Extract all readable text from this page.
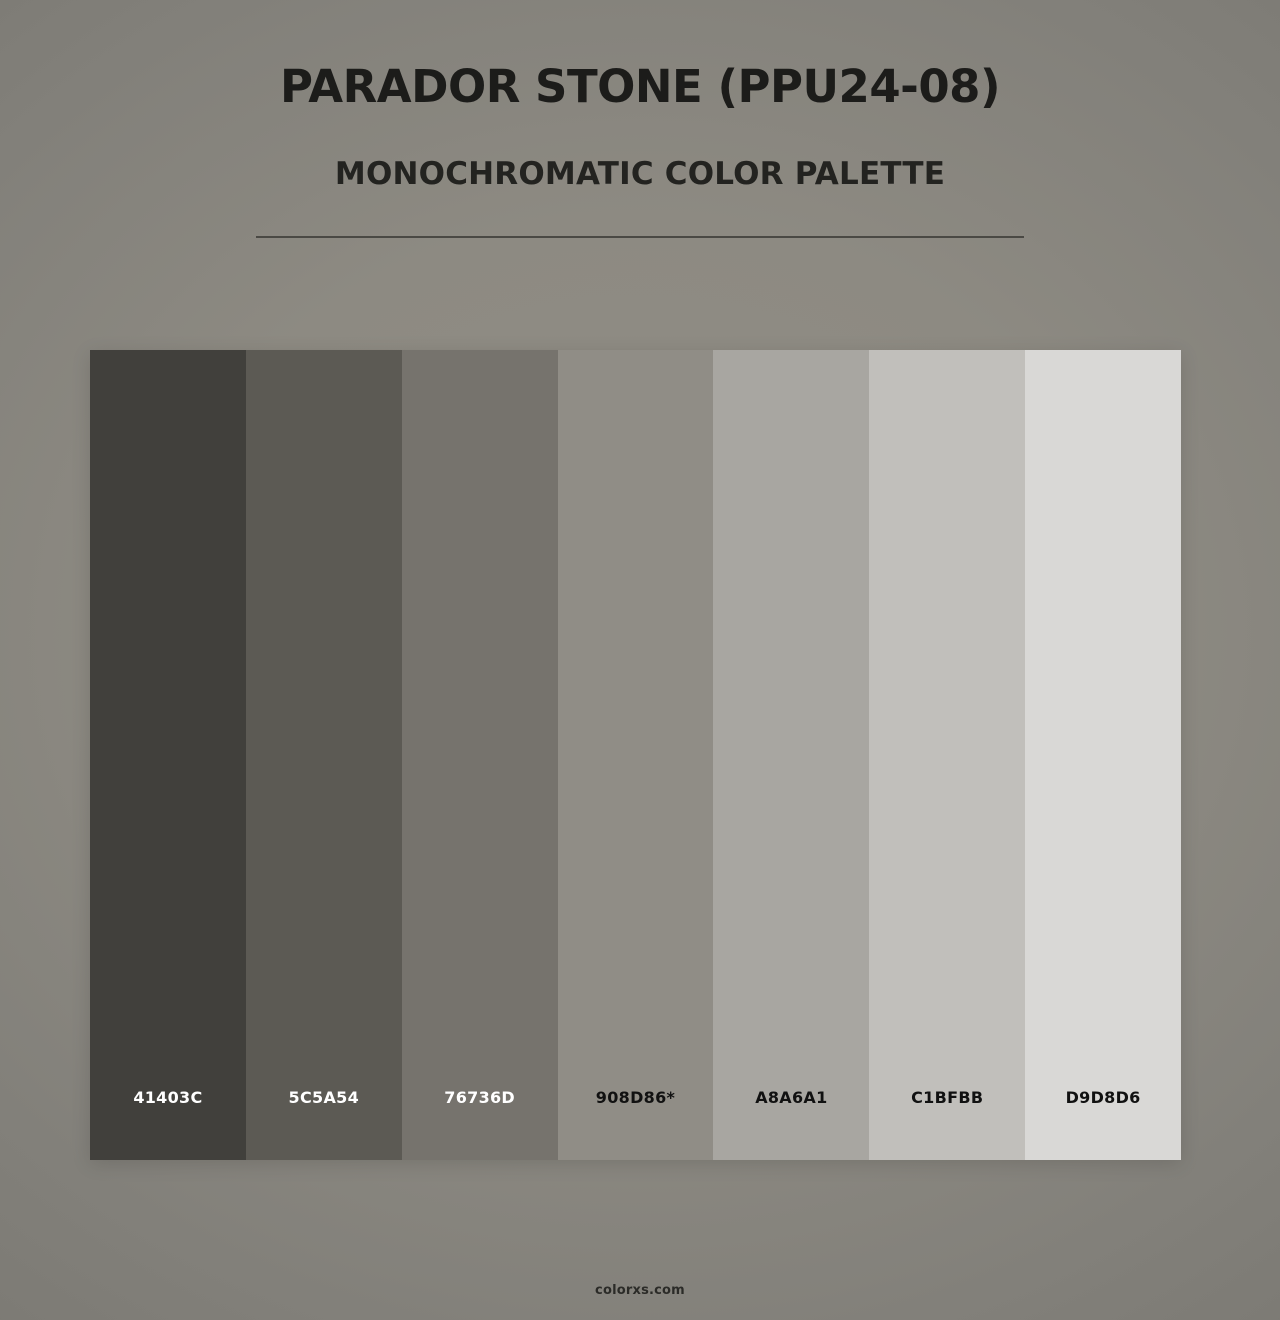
PARADOR STONE (PPU24-08)
MONOCHROMATIC COLOR PALETTE
41403C	5C5A54	76736D	908D86*	A8A6A1	C1BFBB	D9D8D6
colorxs.com
